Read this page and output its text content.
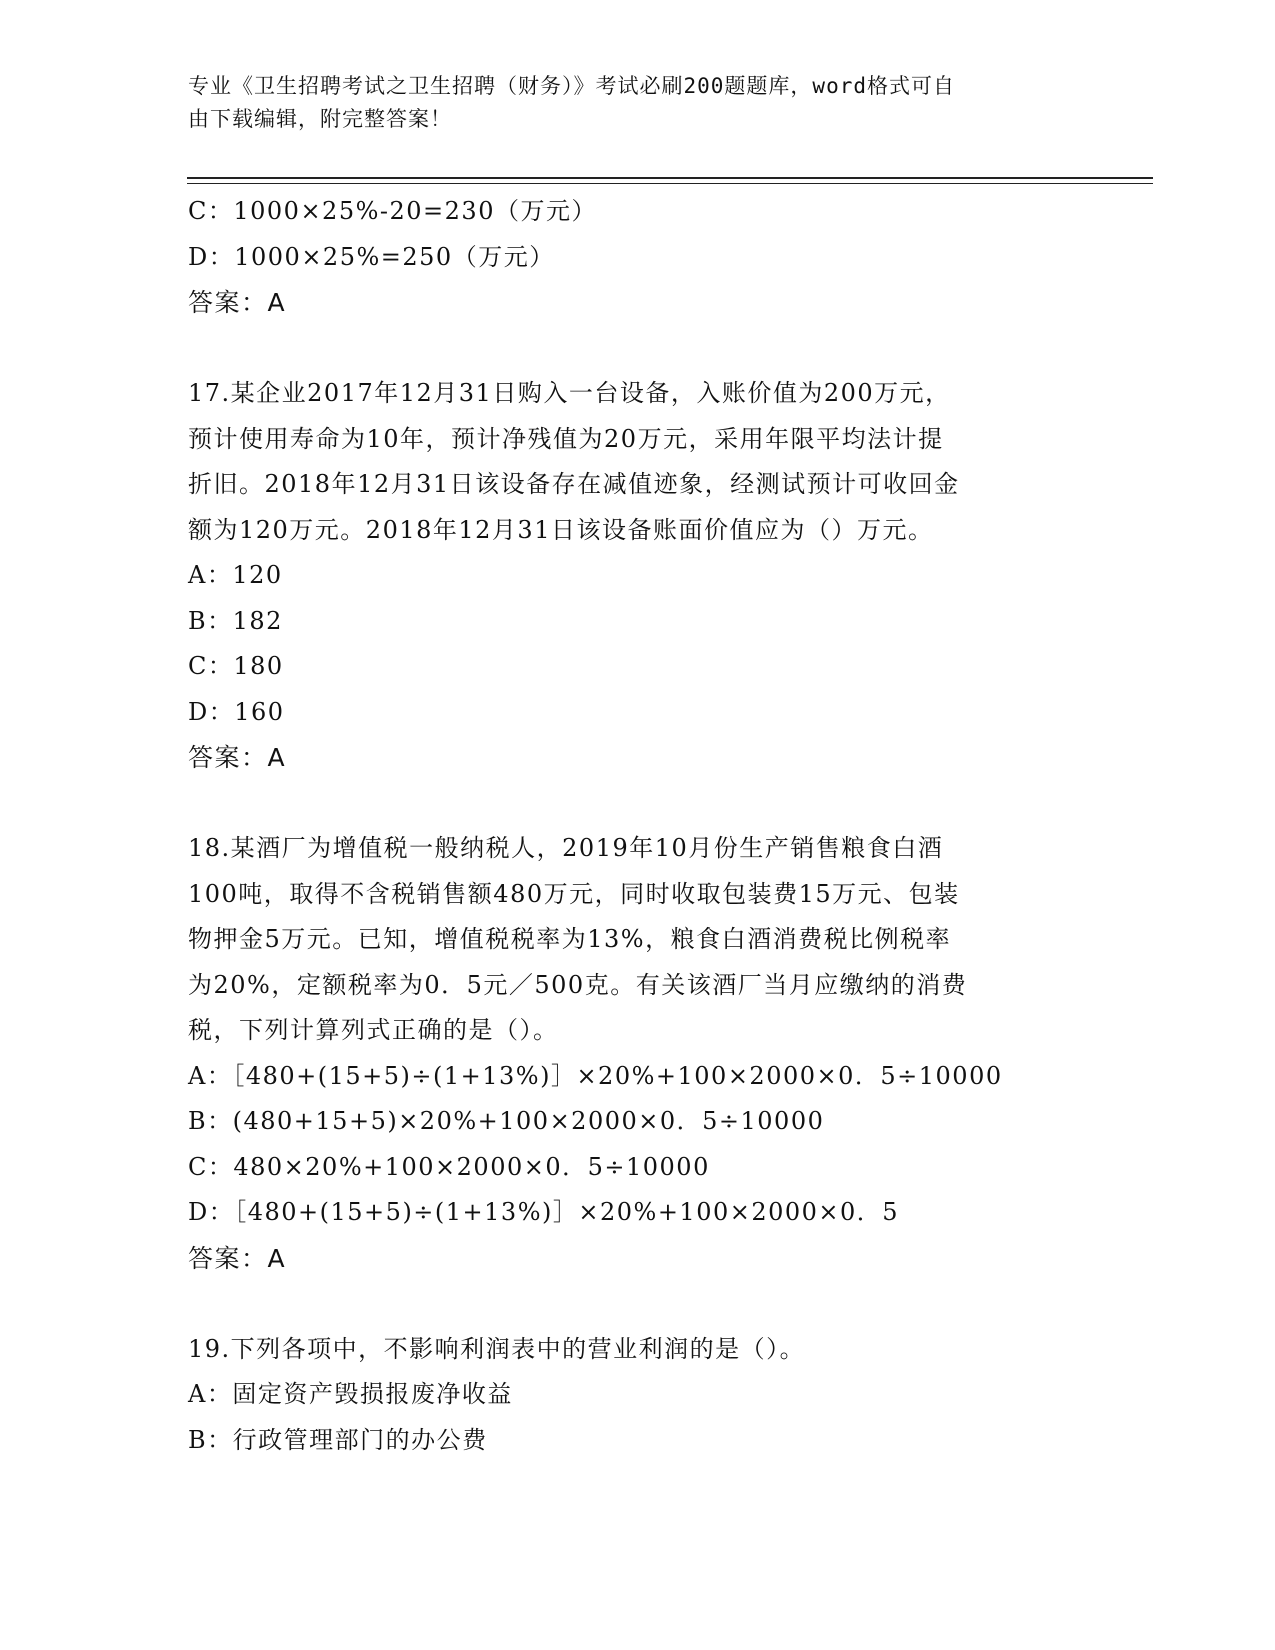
专业《卫生招聘考试之卫生招聘（财务）》考试必刷200题题库，word格式可自
由下载编辑，附完整答案！
C：1000×25%-20=230（万元）
D：1000×25%=250（万元）
答案：A
17.某企业2017年12月31日购入一台设备，入账价值为200万元，
预计使用寿命为10年，预计净残值为20万元，采用年限平均法计提
折旧。2018年12月31日该设备存在减值迹象，经测试预计可收回金
额为120万元。2018年12月31日该设备账面价值应为（）万元。
A：120
B：182
C：180
D：160
答案：A
18.某酒厂为增值税一般纳税人，2019年10月份生产销售粮食白酒
100吨，取得不含税销售额480万元，同时收取包装费15万元、包装
物押金5万元。已知，增值税税率为13%，粮食白酒消费税比例税率
为20%，定额税率为0．5元／500克。有关该酒厂当月应缴纳的消费
税，下列计算列式正确的是（）。
A：［480+(15+5)÷(1+13%)］×20%+100×2000×0．5÷10000
B：(480+15+5)×20%+100×2000×0．5÷10000
C：480×20%+100×2000×0．5÷10000
D：［480+(15+5)÷(1+13%)］×20%+100×2000×0．5
答案：A
19.下列各项中，不影响利润表中的营业利润的是（）。
A：固定资产毁损报废净收益
B：行政管理部门的办公费
